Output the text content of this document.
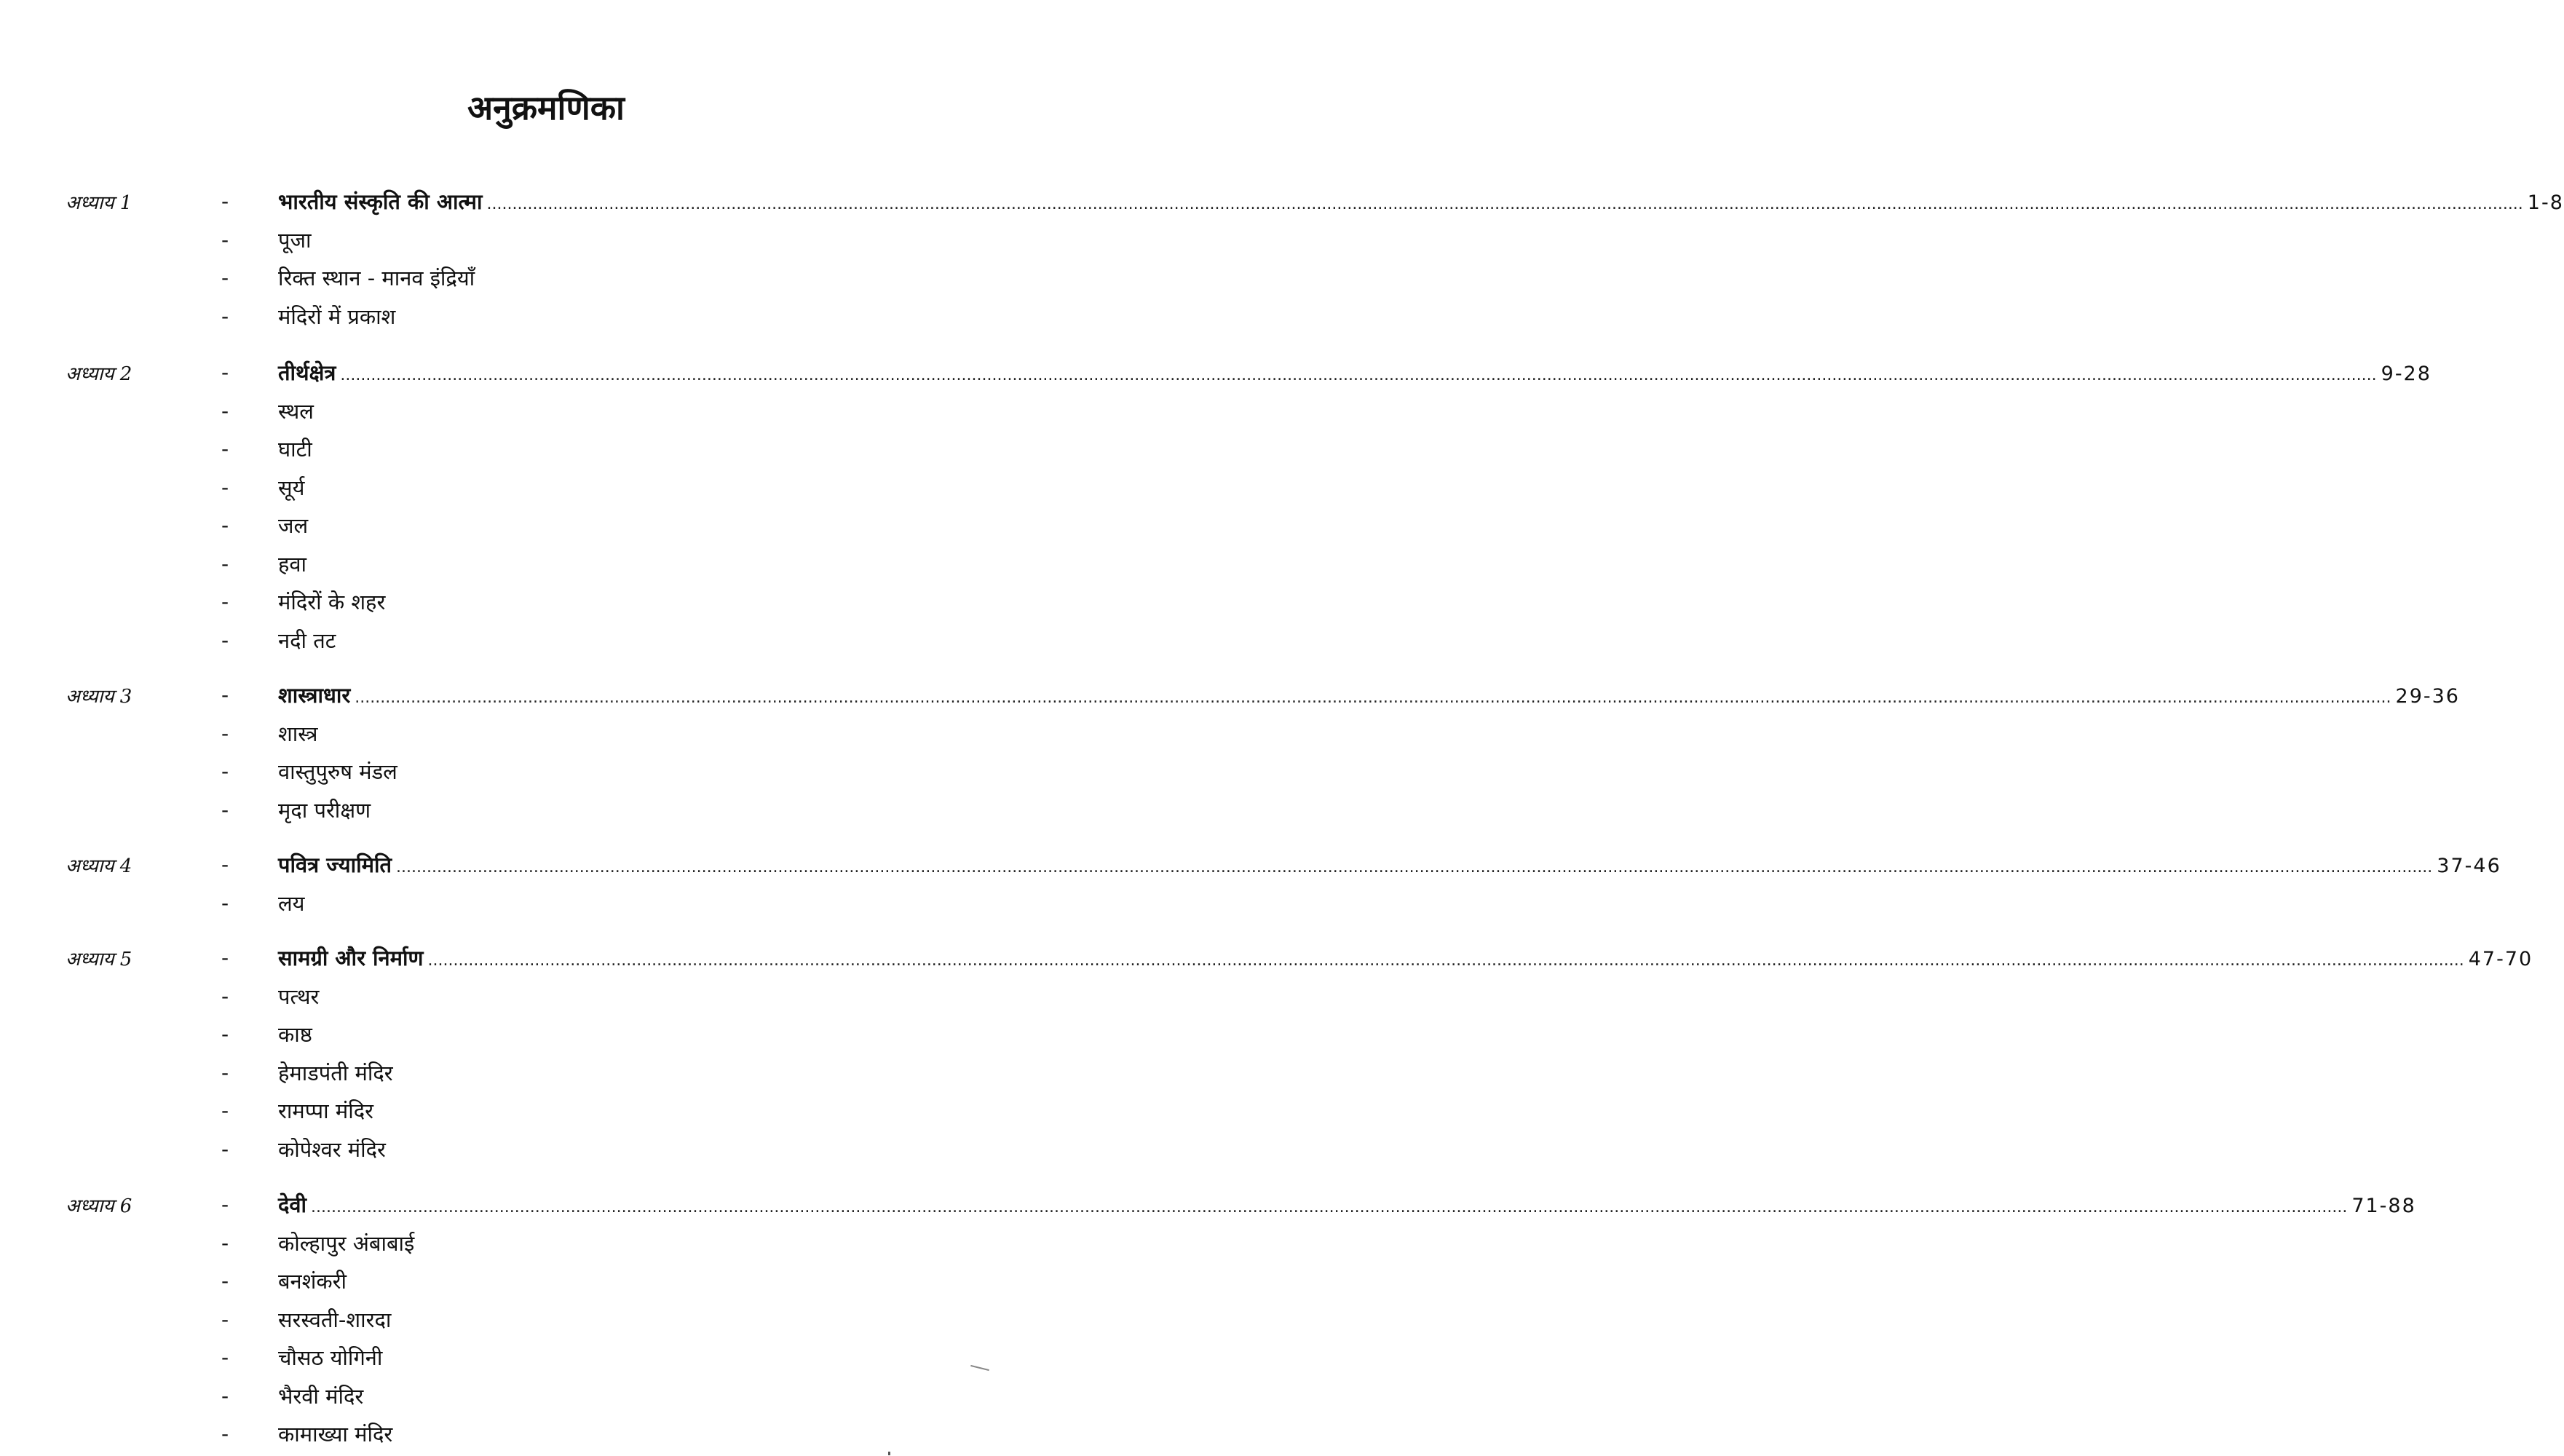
अनुक्रमणिका
अध्याय 1	- भारतीय संस्कृति की आत्मा ................................................................................................................................................................................................................................................................................................................................................................................................................ 1-8
- पूजा
- रिक्त स्थान - मानव इंद्रियाँ
- मंदिरों में प्रकाश
अध्याय 2	- तीर्थक्षेत्र ................................................................................................................................................................................................................................................................................................................................................................................................................ 9-28
- स्थल
- घाटी
- सूर्य
- जल
- हवा
- मंदिरों के शहर
- नदी तट
अध्याय 3	- शास्त्राधार ................................................................................................................................................................................................................................................................................................................................................................................................................ 29-36
- शास्त्र
- वास्तुपुरुष मंडल
- मृदा परीक्षण
अध्याय 4	- पवित्र ज्यामिति ................................................................................................................................................................................................................................................................................................................................................................................................................ 37-46
- लय
अध्याय 5	- सामग्री और निर्माण ................................................................................................................................................................................................................................................................................................................................................................................................................ 47-70
- पत्थर
- काष्ठ
- हेमाडपंती मंदिर
- रामप्पा मंदिर
- कोपेश्वर मंदिर
अध्याय 6	- देवी ................................................................................................................................................................................................................................................................................................................................................................................................................ 71-88
- कोल्हापुर अंबाबाई
- बनशंकरी
- सरस्वती-शारदा
- चौसठ योगिनी
- भैरवी मंदिर
- कामाख्या मंदिर
